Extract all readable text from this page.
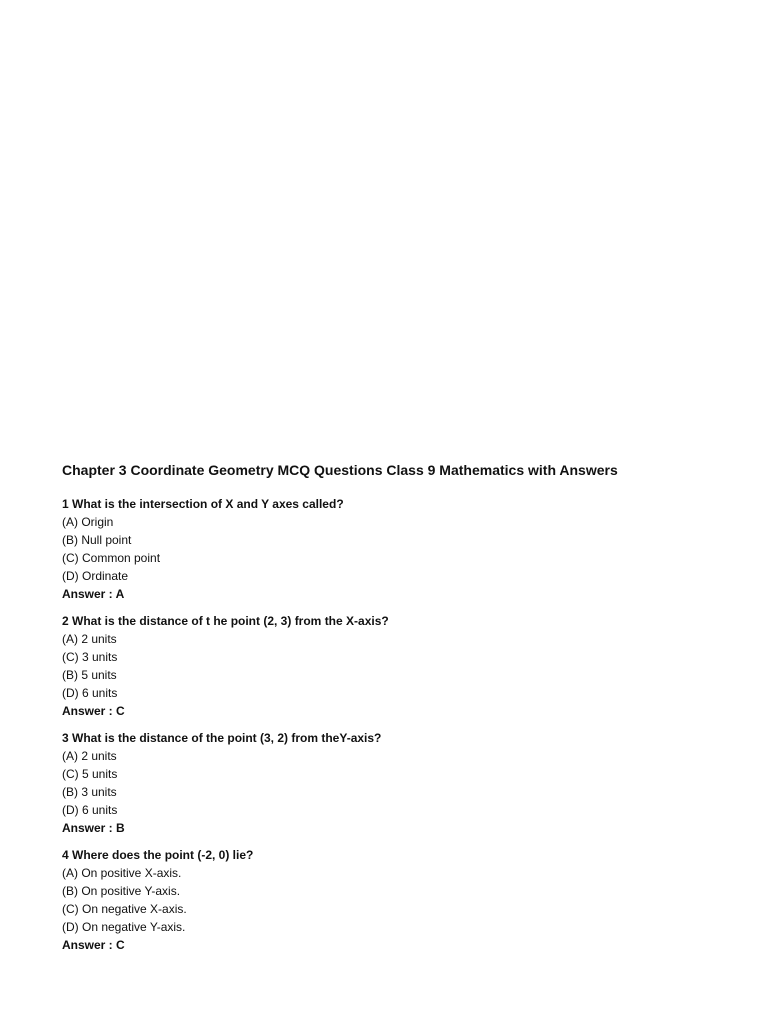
Chapter 3 Coordinate Geometry MCQ Questions Class 9 Mathematics with Answers
1 What is the intersection of X and Y axes called?
(A) Origin
(B) Null point
(C) Common point
(D) Ordinate
Answer : A
2 What is the distance of t he point (2, 3) from the X-axis?
(A) 2 units
(C) 3 units
(B) 5 units
(D) 6 units
Answer : C
3 What is the distance of the point (3, 2) from theY-axis?
(A) 2 units
(C) 5 units
(B) 3 units
(D) 6 units
Answer : B
4 Where does the point (-2, 0) lie?
(A) On positive X-axis.
(B) On positive Y-axis.
(C) On negative X-axis.
(D) On negative Y-axis.
Answer : C
